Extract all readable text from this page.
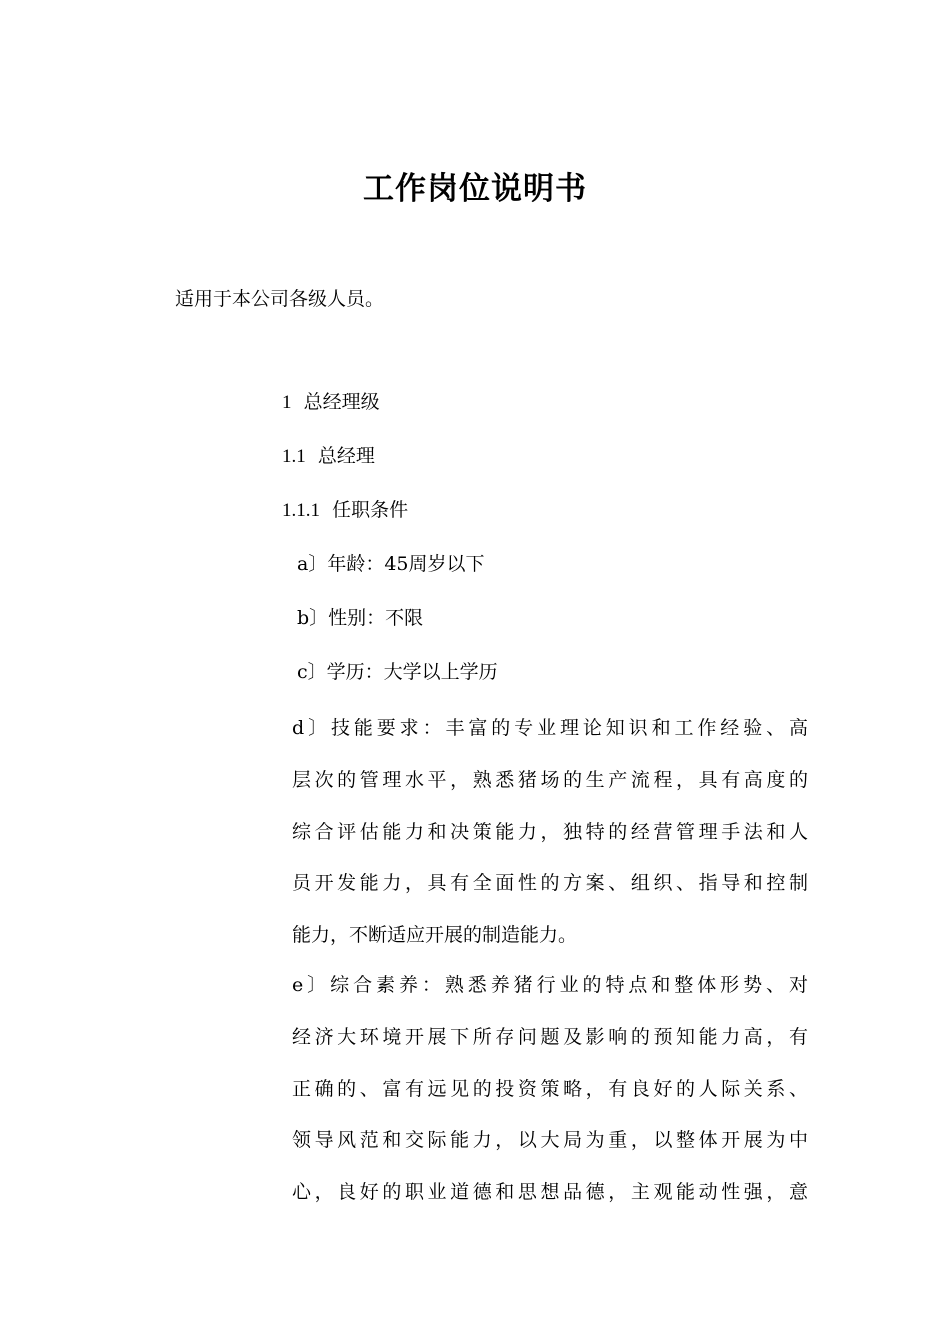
工作岗位说明书
适用于本公司各级人员。
1 总经理级
1.1 总经理
1.1.1 任职条件
a〕年龄：45周岁以下
b〕性别：不限
c〕学历：大学以上学历
d〕技能要求：丰富的专业理论知识和工作经验、高
层次的管理水平，熟悉猪场的生产流程，具有高度的
综合评估能力和决策能力，独特的经营管理手法和人
员开发能力，具有全面性的方案、组织、指导和控制
能力，不断适应开展的制造能力。
e〕综合素养：熟悉养猪行业的特点和整体形势、对
经济大环境开展下所存问题及影响的预知能力高，有
正确的、富有远见的投资策略，有良好的人际关系、
领导风范和交际能力，以大局为重，以整体开展为中
心，良好的职业道德和思想品德，主观能动性强，意
